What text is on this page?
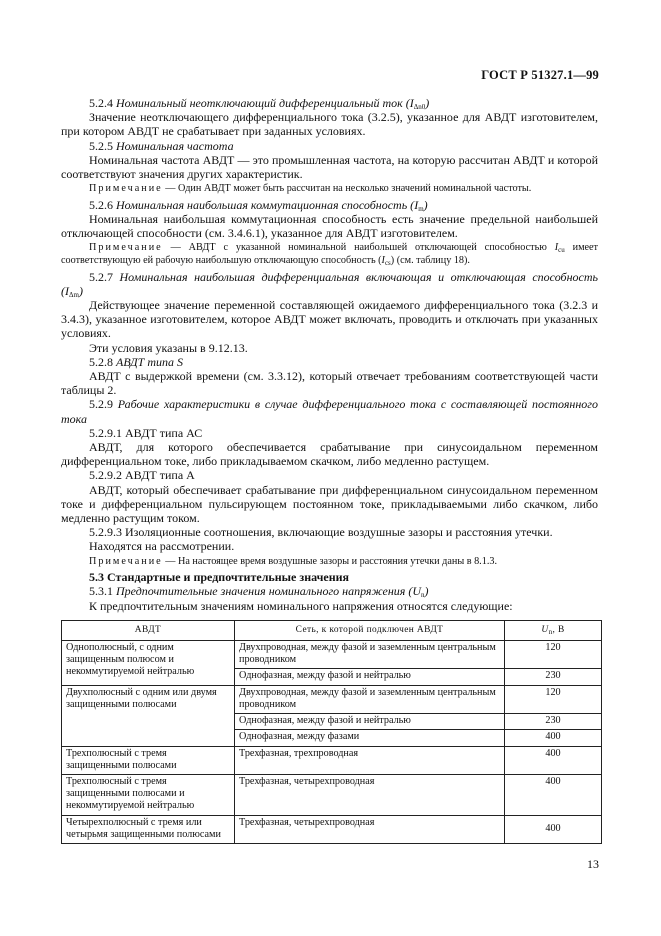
ГОСТ Р 51327.1—99

5.2.4 Номинальный неотключающий дифференциальный ток $(I_{\Delta n0})$

Значение неотключающего дифференциального тока (3.2.5), указанное для АВДТ изготовителем, при котором АВДТ не срабатывает при заданных условиях.

5.2.5 Номинальная частота

Номинальная частота АВДТ — это промышленная частота, на которую рассчитан АВДТ и которой соответствуют значения других характеристик.

Примечание — Один АВДТ может быть рассчитан на несколько значений номинальной частоты.

5.2.6 Номинальная наибольшая коммутационная способность $(I_m)$

Номинальная наибольшая коммутационная способность есть значение предельной наибольшей отключающей способности (см. 3.4.6.1), указанное для АВДТ изготовителем.

Примечание — АВДТ с указанной номинальной наибольшей отключающей способностью $I_{cu}$ имеет соответствующую ей рабочую наибольшую отключающую способность $(I_{cs})$ (см. таблицу 18).

5.2.7 Номинальная наибольшая дифференциальная включающая и отключающая способность $(I_{\Delta m})$

Действующее значение переменной составляющей ожидаемого дифференциального тока (3.2.3 и 3.4.3), указанное изготовителем, которое АВДТ может включать, проводить и отключать при указанных условиях.

Эти условия указаны в 9.12.13.

5.2.8 АВДТ типа S

АВДТ с выдержкой времени (см. 3.3.12), который отвечает требованиям соответствующей части таблицы 2.

5.2.9 Рабочие характеристики в случае дифференциального тока с составляющей постоянного тока

5.2.9.1 АВДТ типа АС

АВДТ, для которого обеспечивается срабатывание при синусоидальном переменном дифференциальном токе, либо прикладываемом скачком, либо медленно растущем.

5.2.9.2 АВДТ типа А

АВДТ, который обеспечивает срабатывание при дифференциальном синусоидальном переменном токе и дифференциальном пульсирующем постоянном токе, прикладываемыми либо скачком, либо медленно растущим током.

5.2.9.3 Изоляционные соотношения, включающие воздушные зазоры и расстояния утечки.

Находятся на рассмотрении.

Примечание — На настоящее время воздушные зазоры и расстояния утечки даны в 8.1.3.

5.3 Стандартные и предпочтительные значения

5.3.1 Предпочтительные значения номинального напряжения $(U_n)$

К предпочтительным значениям номинального напряжения относятся следующие:

АВДТ	Сеть, к которой подключен АВДТ	$U_n$, В
Однополюсный, с одним защищенным полюсом и некоммутируемой нейтралью	Двухпроводная, между фазой и заземленным центральным проводником	120
	Однофазная, между фазой и нейтралью	230
Двухполюсный с одним или двумя защищенными полюсами	Двухпроводная, между фазой и заземленным центральным проводником	120
	Однофазная, между фазой и нейтралью	230
	Однофазная, между фазами	400
Трехполюсный с тремя защищенными полюсами	Трехфазная, трехпроводная	400
Трехполюсный с тремя защищенными полюсами и некоммутируемой нейтралью	Трехфазная, четырехпроводная	400
Четырехполюсный с тремя или четырьмя защищенными полюсами	Трехфазная, четырехпроводная	400
13
